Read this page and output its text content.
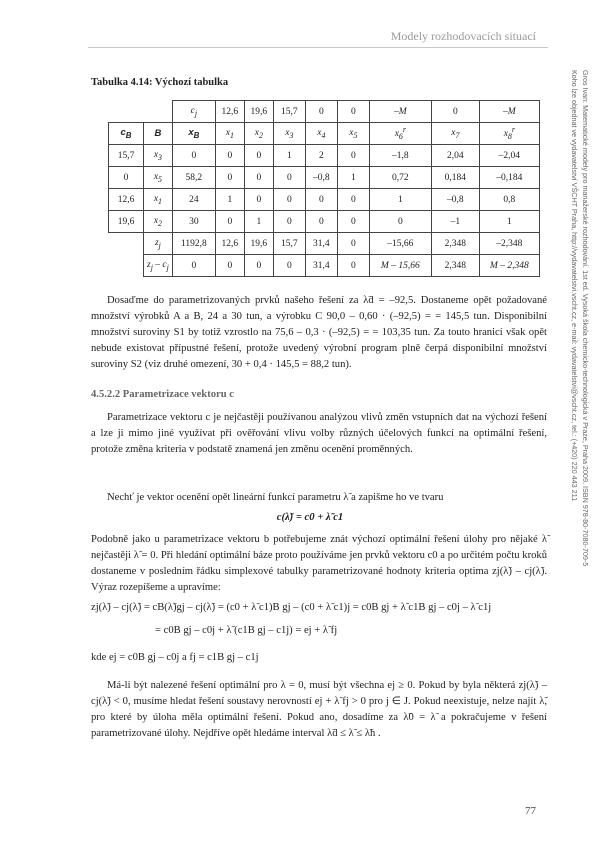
Modely rozhodovacích situací
Gros Ivan: Matematické modely pro manažerské rozhodování. 1st ed. Vysoká škola chemicko-technologická v Praze, Praha 2009. ISBN 978-80-7080-709-5
Koho lze objednat ve vydavatelství VŠCHT Praha, http://vydavatelstvi.vscht.cz, e-mail: vydavatelstvi@vscht.cz, tel.: (+420) 220 443 211
Tabulka 4.14: Výchozí tabulka
		$c_j$	12,6	19,6	15,7	0	0	–M	0	–M
$c_B$	B	$x_B$	$x_1$	$x_2$	$x_3$	$x_4$	$x_5$	$x_6^r$	$x_7$	$x_8^r$
15,7	$x_3$	0	0	0	1	2	0	–1,8	2,04	–2,04
0	$x_5$	58,2	0	0	0	–0,8	1	0,72	0,184	–0,184
12,6	$x_1$	24	1	0	0	0	0	1	–0,8	0,8
19,6	$x_2$	30	0	1	0	0	0	0	–1	1
	$z_j$	1192,8	12,6	19,6	15,7	31,4	0	–15,66	2,348	–2,348
	$z_j - c_j$	0	0	0	0	31,4	0	M – 15,66	2,348	M – 2,348
Dosaďme do parametrizovaných prvků našeho řešení za λ̃d = –92,5. Dostaneme opět požadované množství výrobků A a B, 24 a 30 tun, a výrobku C 90,0 – 0,60 · (–92,5) = = 145,5 tun. Disponibilní množství suroviny S1 by totiž vzrostlo na 75,6 – 0,3 · (–92,5) = = 103,35 tun. Za touto hranicí však opět nebude existovat přípustné řešení, protože uvedený výrobní program plně čerpá disponibilní množství suroviny S2 (viz druhé omezení, 30 + 0,4 · 145,5 = 88,2 tun).
4.5.2.2 Parametrizace vektoru c
Parametrizace vektoru c je nejčastěji používanou analýzou vlivů změn vstupních dat na výchozí řešení a lze ji mimo jiné využívat při ověřování vlivu volby různých účelových funkcí na optimální řešení, protože změna kriteria v podstatě znamená jen změnu ocenění proměnných.
Nechť je vektor ocenění opět lineární funkcí parametru λ̃ a zapišme ho ve tvaru
c(λ̃) = c0 + λ̃ c1
Podobně jako u parametrizace vektoru b potřebujeme znát výchozí optimální řešení úlohy pro nějaké λ̃ nejčastěji λ̃ = 0. Při hledání optimální báze proto používáme jen prvků vektoru c0 a po určitém počtu kroků dostaneme v posledním řádku simplexové tabulky parametrizované hodnoty kriteria optima zj(λ̃) – cj(λ̃). Výraz rozepíšeme a upravíme:
zj(λ̃) – cj(λ̃) = cB(λ̃)gj – cj(λ̃) = (c0 + λ̃ c1)B gj – (c0 + λ̃ c1)j = c0B gj + λ̃ c1B gj – c0j – λ̃ c1j
= c0B gj – c0j + λ̃ (c1B gj – c1j) = ej + λ̃ fj
kde ej = c0B gj – c0j a fj = c1B gj – c1j
Má-li být nalezené řešení optimální pro λ = 0, musí být všechna ej ≥ 0. Pokud by byla některá zj(λ̃) – cj(λ̃) < 0, musíme hledat řešení soustavy nerovností ej + λ̃ fj > 0 pro j ∈ J. Pokud neexistuje, nelze najít λ̃, pro které by úloha měla optimální řešení. Pokud ano, dosadíme za λ̃0 = λ̃ a pokračujeme v řešení parametrizované úlohy. Nejdříve opět hledáme interval λ̃d ≤ λ̃ ≤ λ̃h .
77
